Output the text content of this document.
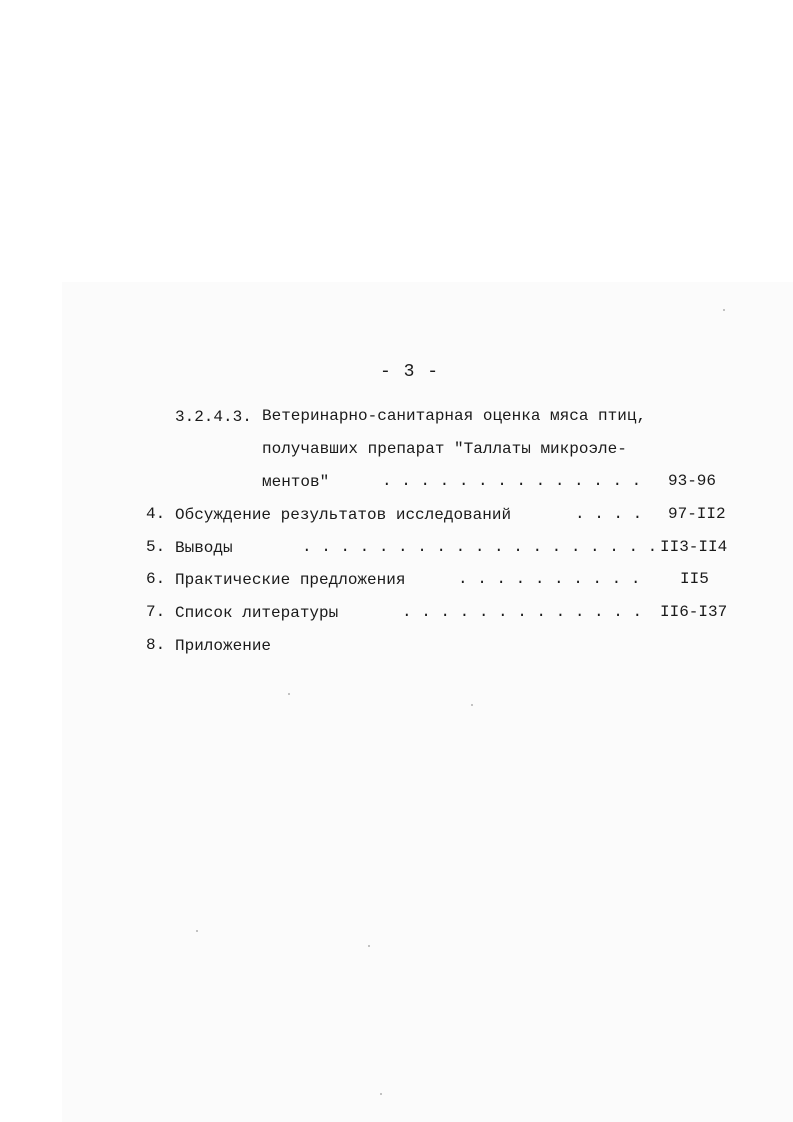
- 3 -
3.2.4.3. Ветеринарно-санитарная оценка мяса птиц,
получавших препарат "Таллаты микроэле-
ментов"	. . . . . . . . . . . . . . 93-96
4. Обсуждение результатов исследований	. . . . 97-II2
5. Выводы	. . . . . . . . . . . . . . . . . . . II3-II4
6. Практические предложения	. . . . . . . . . . II5
7. Список литературы	. . . . . . . . . . . . . II6-I37
8. Приложение
